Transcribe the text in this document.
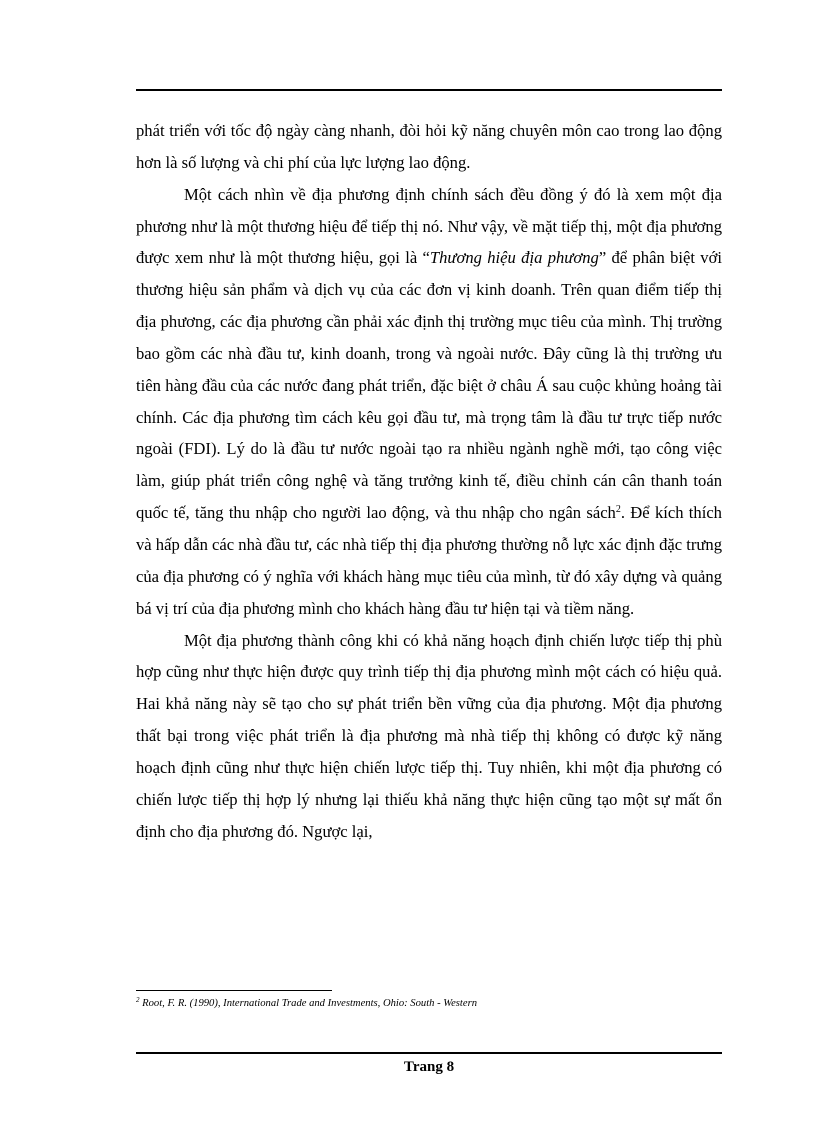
phát triển với tốc độ ngày càng nhanh, đòi hỏi kỹ năng chuyên môn cao trong lao động hơn là số lượng và chi phí của lực lượng lao động.

Một cách nhìn về địa phương định chính sách đều đồng ý đó là xem một địa phương như là một thương hiệu để tiếp thị nó. Như vậy, về mặt tiếp thị, một địa phương được xem như là một thương hiệu, gọi là “Thương hiệu địa phương” để phân biệt với thương hiệu sản phẩm và dịch vụ của các đơn vị kinh doanh. Trên quan điểm tiếp thị địa phương, các địa phương cần phải xác định thị trường mục tiêu của mình. Thị trường bao gồm các nhà đầu tư, kinh doanh, trong và ngoài nước. Đây cũng là thị trường ưu tiên hàng đầu của các nước đang phát triển, đặc biệt ở châu Á sau cuộc khủng hoảng tài chính. Các địa phương tìm cách kêu gọi đầu tư, mà trọng tâm là đầu tư trực tiếp nước ngoài (FDI). Lý do là đầu tư nước ngoài tạo ra nhiều ngành nghề mới, tạo công việc làm, giúp phát triển công nghệ và tăng trưởng kinh tế, điều chỉnh cán cân thanh toán quốc tế, tăng thu nhập cho người lao động, và thu nhập cho ngân sách$^2$. Để kích thích và hấp dẫn các nhà đầu tư, các nhà tiếp thị địa phương thường nỗ lực xác định đặc trưng của địa phương có ý nghĩa với khách hàng mục tiêu của mình, từ đó xây dựng và quảng bá vị trí của địa phương mình cho khách hàng đầu tư hiện tại và tiềm năng.

Một địa phương thành công khi có khả năng hoạch định chiến lược tiếp thị phù hợp cũng như thực hiện được quy trình tiếp thị địa phương mình một cách có hiệu quả. Hai khả năng này sẽ tạo cho sự phát triển bền vững của địa phương. Một địa phương thất bại trong việc phát triển là địa phương mà nhà tiếp thị không có được kỹ năng hoạch định cũng như thực hiện chiến lược tiếp thị. Tuy nhiên, khi một địa phương có chiến lược tiếp thị hợp lý nhưng lại thiếu khả năng thực hiện cũng tạo một sự mất ổn định cho địa phương đó. Ngược lại,

$^2$ Root, F. R. (1990), International Trade and Investments, Ohio: South - Western
Trang 8
